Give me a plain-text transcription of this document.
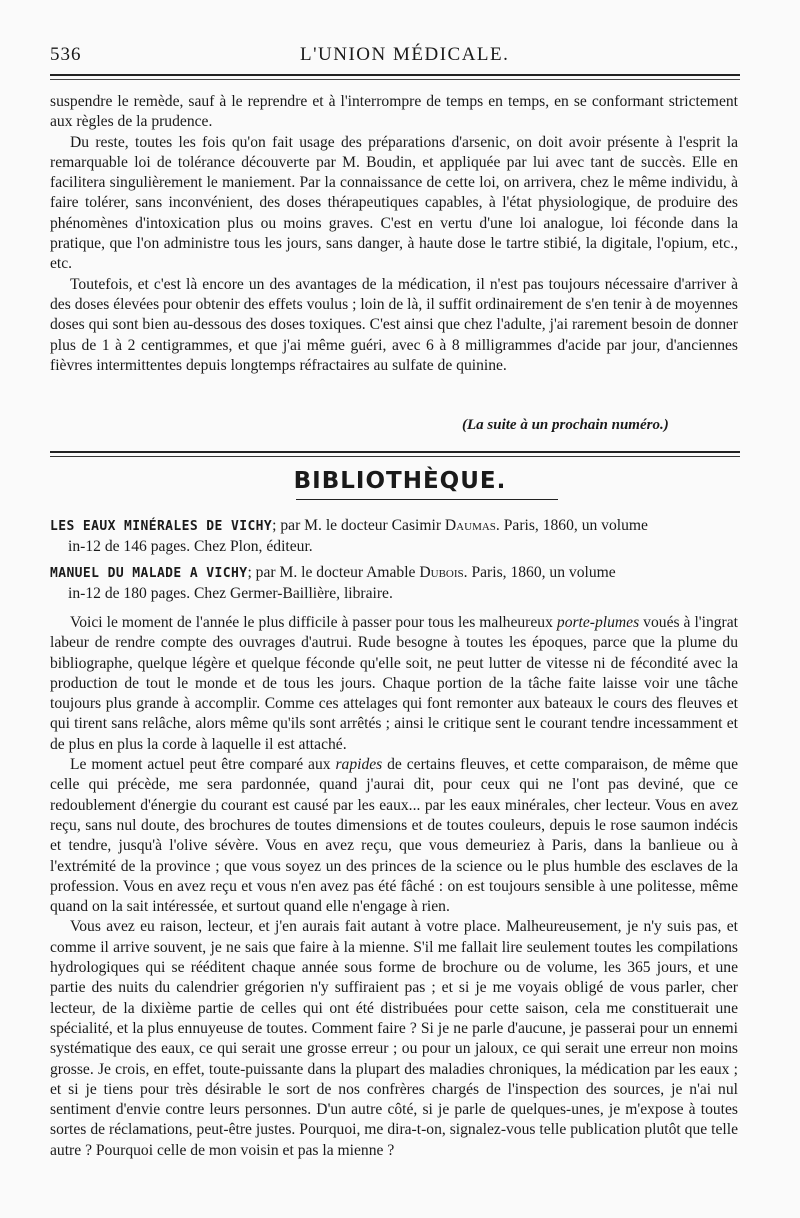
536	L'UNION MÉDICALE.

suspendre le remède, sauf à le reprendre et à l'interrompre de temps en temps, en se conformant strictement aux règles de la prudence.

Du reste, toutes les fois qu'on fait usage des préparations d'arsenic, on doit avoir présente à l'esprit la remarquable loi de tolérance découverte par M. Boudin, et appliquée par lui avec tant de succès. Elle en facilitera singulièrement le maniement. Par la connaissance de cette loi, on arrivera, chez le même individu, à faire tolérer, sans inconvénient, des doses thérapeutiques capables, à l'état physiologique, de produire des phénomènes d'intoxication plus ou moins graves. C'est en vertu d'une loi analogue, loi féconde dans la pratique, que l'on administre tous les jours, sans danger, à haute dose le tartre stibié, la digitale, l'opium, etc., etc.

Toutefois, et c'est là encore un des avantages de la médication, il n'est pas toujours nécessaire d'arriver à des doses élevées pour obtenir des effets voulus ; loin de là, il suffit ordinairement de s'en tenir à de moyennes doses qui sont bien au-dessous des doses toxiques. C'est ainsi que chez l'adulte, j'ai rarement besoin de donner plus de 1 à 2 centigrammes, et que j'ai même guéri, avec 6 à 8 milligrammes d'acide par jour, d'anciennes fièvres intermittentes depuis longtemps réfractaires au sulfate de quinine.

(La suite à un prochain numéro.)
BIBLIOTHÈQUE.
LES EAUX MINÉRALES DE VICHY; par M. le docteur Casimir Daumas. Paris, 1860, un volume
in-12 de 146 pages. Chez Plon, éditeur.
MANUEL DU MALADE A VICHY; par M. le docteur Amable Dubois. Paris, 1860, un volume
in-12 de 180 pages. Chez Germer-Baillière, libraire.

Voici le moment de l'année le plus difficile à passer pour tous les malheureux porte-plumes voués à l'ingrat labeur de rendre compte des ouvrages d'autrui. Rude besogne à toutes les époques, parce que la plume du bibliographe, quelque légère et quelque féconde qu'elle soit, ne peut lutter de vitesse ni de fécondité avec la production de tout le monde et de tous les jours. Chaque portion de la tâche faite laisse voir une tâche toujours plus grande à accomplir. Comme ces attelages qui font remonter aux bateaux le cours des fleuves et qui tirent sans relâche, alors même qu'ils sont arrêtés ; ainsi le critique sent le courant tendre incessamment et de plus en plus la corde à laquelle il est attaché.

Le moment actuel peut être comparé aux rapides de certains fleuves, et cette comparaison, de même que celle qui précède, me sera pardonnée, quand j'aurai dit, pour ceux qui ne l'ont pas deviné, que ce redoublement d'énergie du courant est causé par les eaux... par les eaux minérales, cher lecteur. Vous en avez reçu, sans nul doute, des brochures de toutes dimensions et de toutes couleurs, depuis le rose saumon indécis et tendre, jusqu'à l'olive sévère. Vous en avez reçu, que vous demeuriez à Paris, dans la banlieue ou à l'extrémité de la province ; que vous soyez un des princes de la science ou le plus humble des esclaves de la profession. Vous en avez reçu et vous n'en avez pas été fâché : on est toujours sensible à une politesse, même quand on la sait intéressée, et surtout quand elle n'engage à rien.

Vous avez eu raison, lecteur, et j'en aurais fait autant à votre place. Malheureusement, je n'y suis pas, et comme il arrive souvent, je ne sais que faire à la mienne. S'il me fallait lire seulement toutes les compilations hydrologiques qui se rééditent chaque année sous forme de brochure ou de volume, les 365 jours, et une partie des nuits du calendrier grégorien n'y suffiraient pas ; et si je me voyais obligé de vous parler, cher lecteur, de la dixième partie de celles qui ont été distribuées pour cette saison, cela me constituerait une spécialité, et la plus ennuyeuse de toutes. Comment faire ? Si je ne parle d'aucune, je passerai pour un ennemi systématique des eaux, ce qui serait une grosse erreur ; ou pour un jaloux, ce qui serait une erreur non moins grosse. Je crois, en effet, toute-puissante dans la plupart des maladies chroniques, la médication par les eaux ; et si je tiens pour très désirable le sort de nos confrères chargés de l'inspection des sources, je n'ai nul sentiment d'envie contre leurs personnes. D'un autre côté, si je parle de quelques-unes, je m'expose à toutes sortes de réclamations, peut-être justes. Pourquoi, me dira-t-on, signalez-vous telle publication plutôt que telle autre ? Pourquoi celle de mon voisin et pas la mienne ?
